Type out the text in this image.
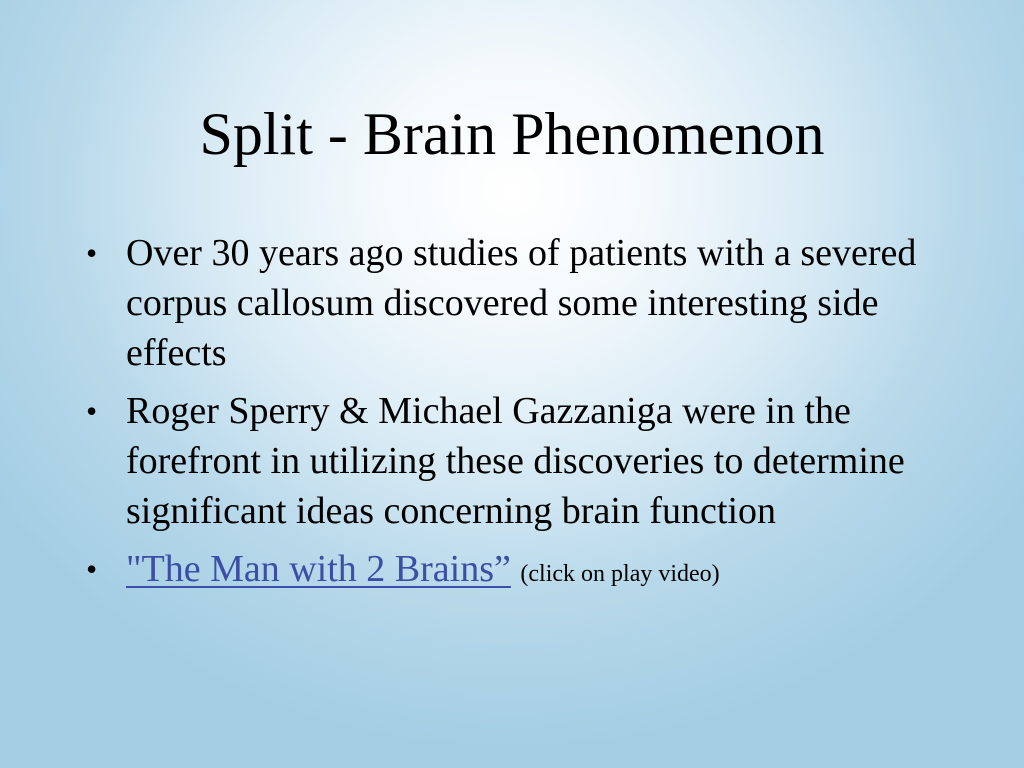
Split - Brain Phenomenon
• Over 30 years ago studies of patients with a severed corpus callosum discovered some interesting side effects
• Roger Sperry & Michael Gazzaniga were in the forefront in utilizing these discoveries to determine significant ideas concerning brain function
• "The Man with 2 Brains” (click on play video)
